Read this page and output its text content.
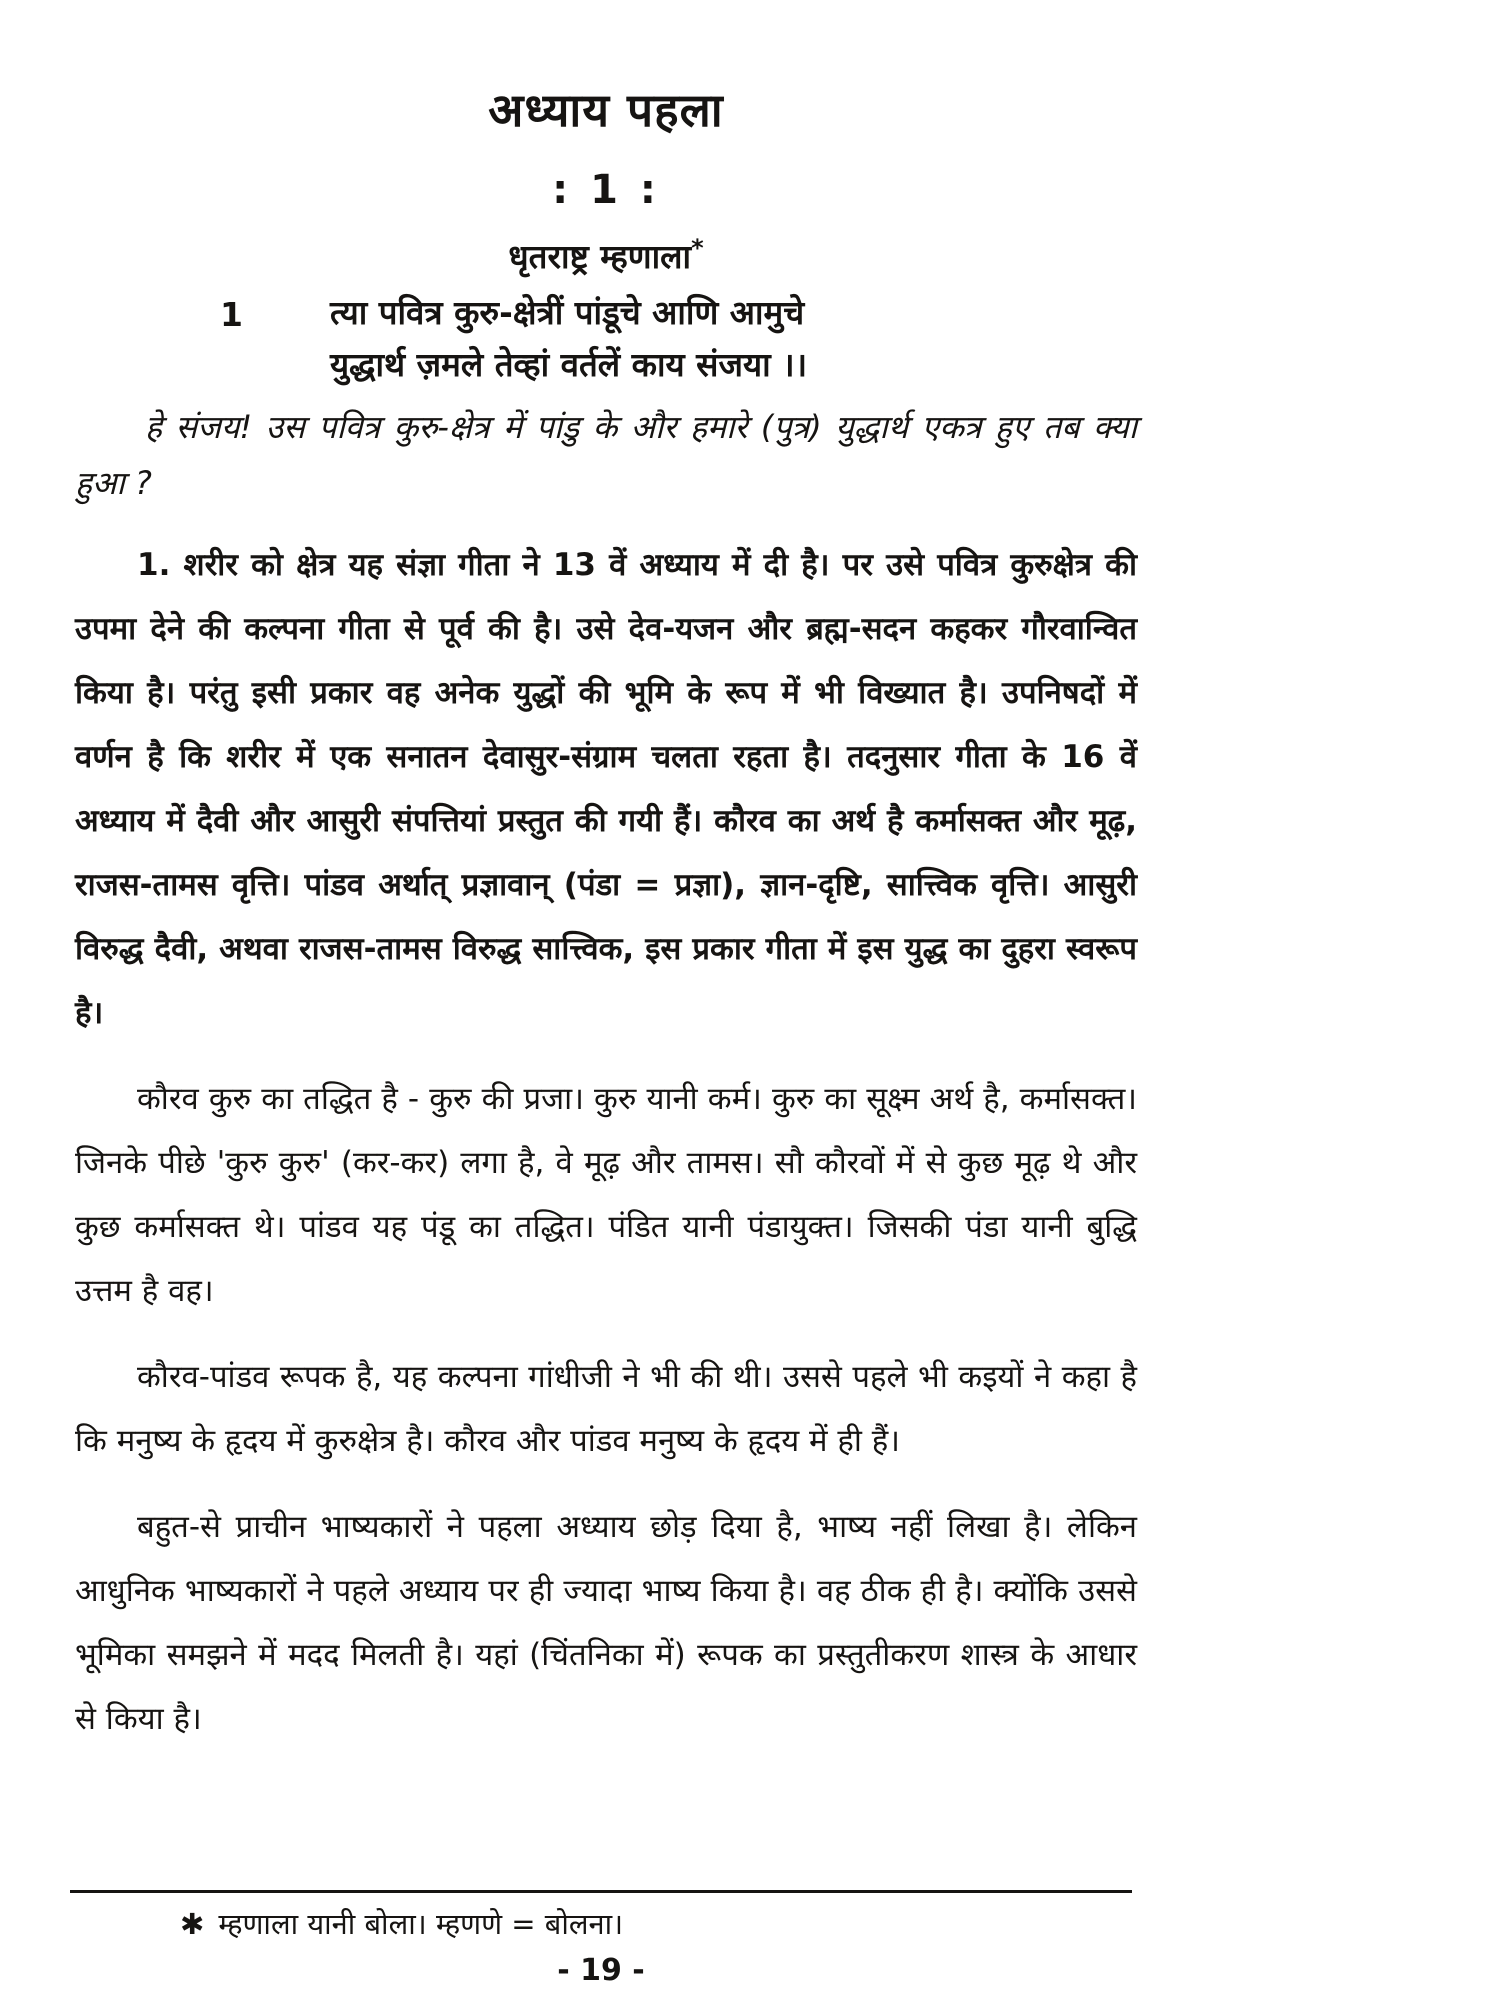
अध्याय पहला
: 1 :
धृतराष्ट्र म्हणाला*
1	त्या पवित्र कुरु-क्षेत्रीं पांडूचे आणि आमुचे
युद्धार्थ ज़मले तेव्हां वर्तलें काय संजया ।।

हे संजय! उस पवित्र कुरु-क्षेत्र में पांडु के और हमारे (पुत्र) युद्धार्थ एकत्र हुए तब क्या हुआ ?

1. शरीर को क्षेत्र यह संज्ञा गीता ने 13 वें अध्याय में दी है। पर उसे पवित्र कुरुक्षेत्र की उपमा देने की कल्पना गीता से पूर्व की है। उसे देव-यजन और ब्रह्म-सदन कहकर गौरवान्वित किया है। परंतु इसी प्रकार वह अनेक युद्धों की भूमि के रूप में भी विख्यात है। उपनिषदों में वर्णन है कि शरीर में एक सनातन देवासुर-संग्राम चलता रहता है। तदनुसार गीता के 16 वें अध्याय में दैवी और आसुरी संपत्तियां प्रस्तुत की गयी हैं। कौरव का अर्थ है कर्मासक्त और मूढ़, राजस-तामस वृत्ति। पांडव अर्थात् प्रज्ञावान् (पंडा = प्रज्ञा), ज्ञान-दृष्टि, सात्त्विक वृत्ति। आसुरी विरुद्ध दैवी, अथवा राजस-तामस विरुद्ध सात्त्विक, इस प्रकार गीता में इस युद्ध का दुहरा स्वरूप है।

कौरव कुरु का तद्धित है - कुरु की प्रजा। कुरु यानी कर्म। कुरु का सूक्ष्म अर्थ है, कर्मासक्त। जिनके पीछे 'कुरु कुरु' (कर-कर) लगा है, वे मूढ़ और तामस। सौ कौरवों में से कुछ मूढ़ थे और कुछ कर्मासक्त थे। पांडव यह पंडू का तद्धित। पंडित यानी पंडायुक्त। जिसकी पंडा यानी बुद्धि उत्तम है वह।

कौरव-पांडव रूपक है, यह कल्पना गांधीजी ने भी की थी। उससे पहले भी कइयों ने कहा है कि मनुष्य के हृदय में कुरुक्षेत्र है। कौरव और पांडव मनुष्य के हृदय में ही हैं।

बहुत-से प्राचीन भाष्यकारों ने पहला अध्याय छोड़ दिया है, भाष्य नहीं लिखा है। लेकिन आधुनिक भाष्यकारों ने पहले अध्याय पर ही ज्यादा भाष्य किया है। वह ठीक ही है। क्योंकि उससे भूमिका समझने में मदद मिलती है। यहां (चिंतनिका में) रूपक का प्रस्तुतीकरण शास्त्र के आधार से किया है।

✱ म्हणाला यानी बोला। म्हणणे = बोलना।

- 19 -
